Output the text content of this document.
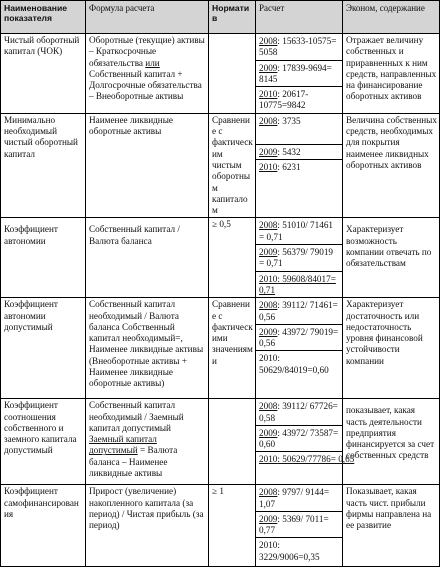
Наименование показателя	Формула расчета	Норматив	Расчет	Эконом, содержание
Чистый оборотный капитал (ЧОК)	Оборотные (текущие) активы – Краткосрочные обязательства или Собственный капитал + Долгосрочные обязательства – Внеоборотные активы		2008: 15633-10575= 5058
2009: 17839-9694= 8145
2010: 20617-10775=9842	Отражает величину собственных и приравненных к ним средств, направленных на финансирование оборотных активов
Минимально необходимый чистый оборотный капитал	Наименее ликвидные оборотные активы	Сравнение с фактическим чистым оборотным капиталом	2008: 3735
2009: 5432
2010: 6231	Величина собственных средств, необходимых для покрытия наименее ликвидных оборотных активов
Коэффициент автономии	Собственный капитал / Валюта баланса	≥ 0,5	2008: 51010/ 71461 = 0,71
2009: 56379/ 79019 = 0,71
2010: 59608/84017= 0,71	Характеризует возможность компании отвечать по обязательствам
Коэффициент автономии допустимый	Собственный капитал необходимый / Валюта баланса Собственный капитал необходимый=, Наименее ликвидные активы (Внеоборотные активы + Наименее ликвидные оборотные активы)	Сравнение с фактическими значениями	2008: 39112/ 71461= 0,56
2009: 43972/ 79019= 0,56
2010: 50629/84019=0,60	Характеризует достаточность или недостаточность уровня финансовой устойчивости компании
Коэффициент соотношения собственного и заемного капитала допустимый	Собственный капитал необходимый / Заемный капитал допустимый
Заемный капитал допустимый = Валюта баланса – Наименее ликвидные активы		2008: 39112/ 67726= 0,58
2009: 43972/ 73587= 0,60
2010: 50629/77786= 0,65	показывает, какая часть деятельности предприятия финансируется за счет собственных средств
Коэффициент самофинансирования	Прирост (увеличение) накопленного капитала (за период) / Чистая прибыль (за период)	≥ 1	2008: 9797/ 9144= 1,07
2009: 5369/ 7011= 0,77
2010: 3229/9006=0,35	Показывает, какая часть чист. прибыли фирмы направлена на ее развитие
